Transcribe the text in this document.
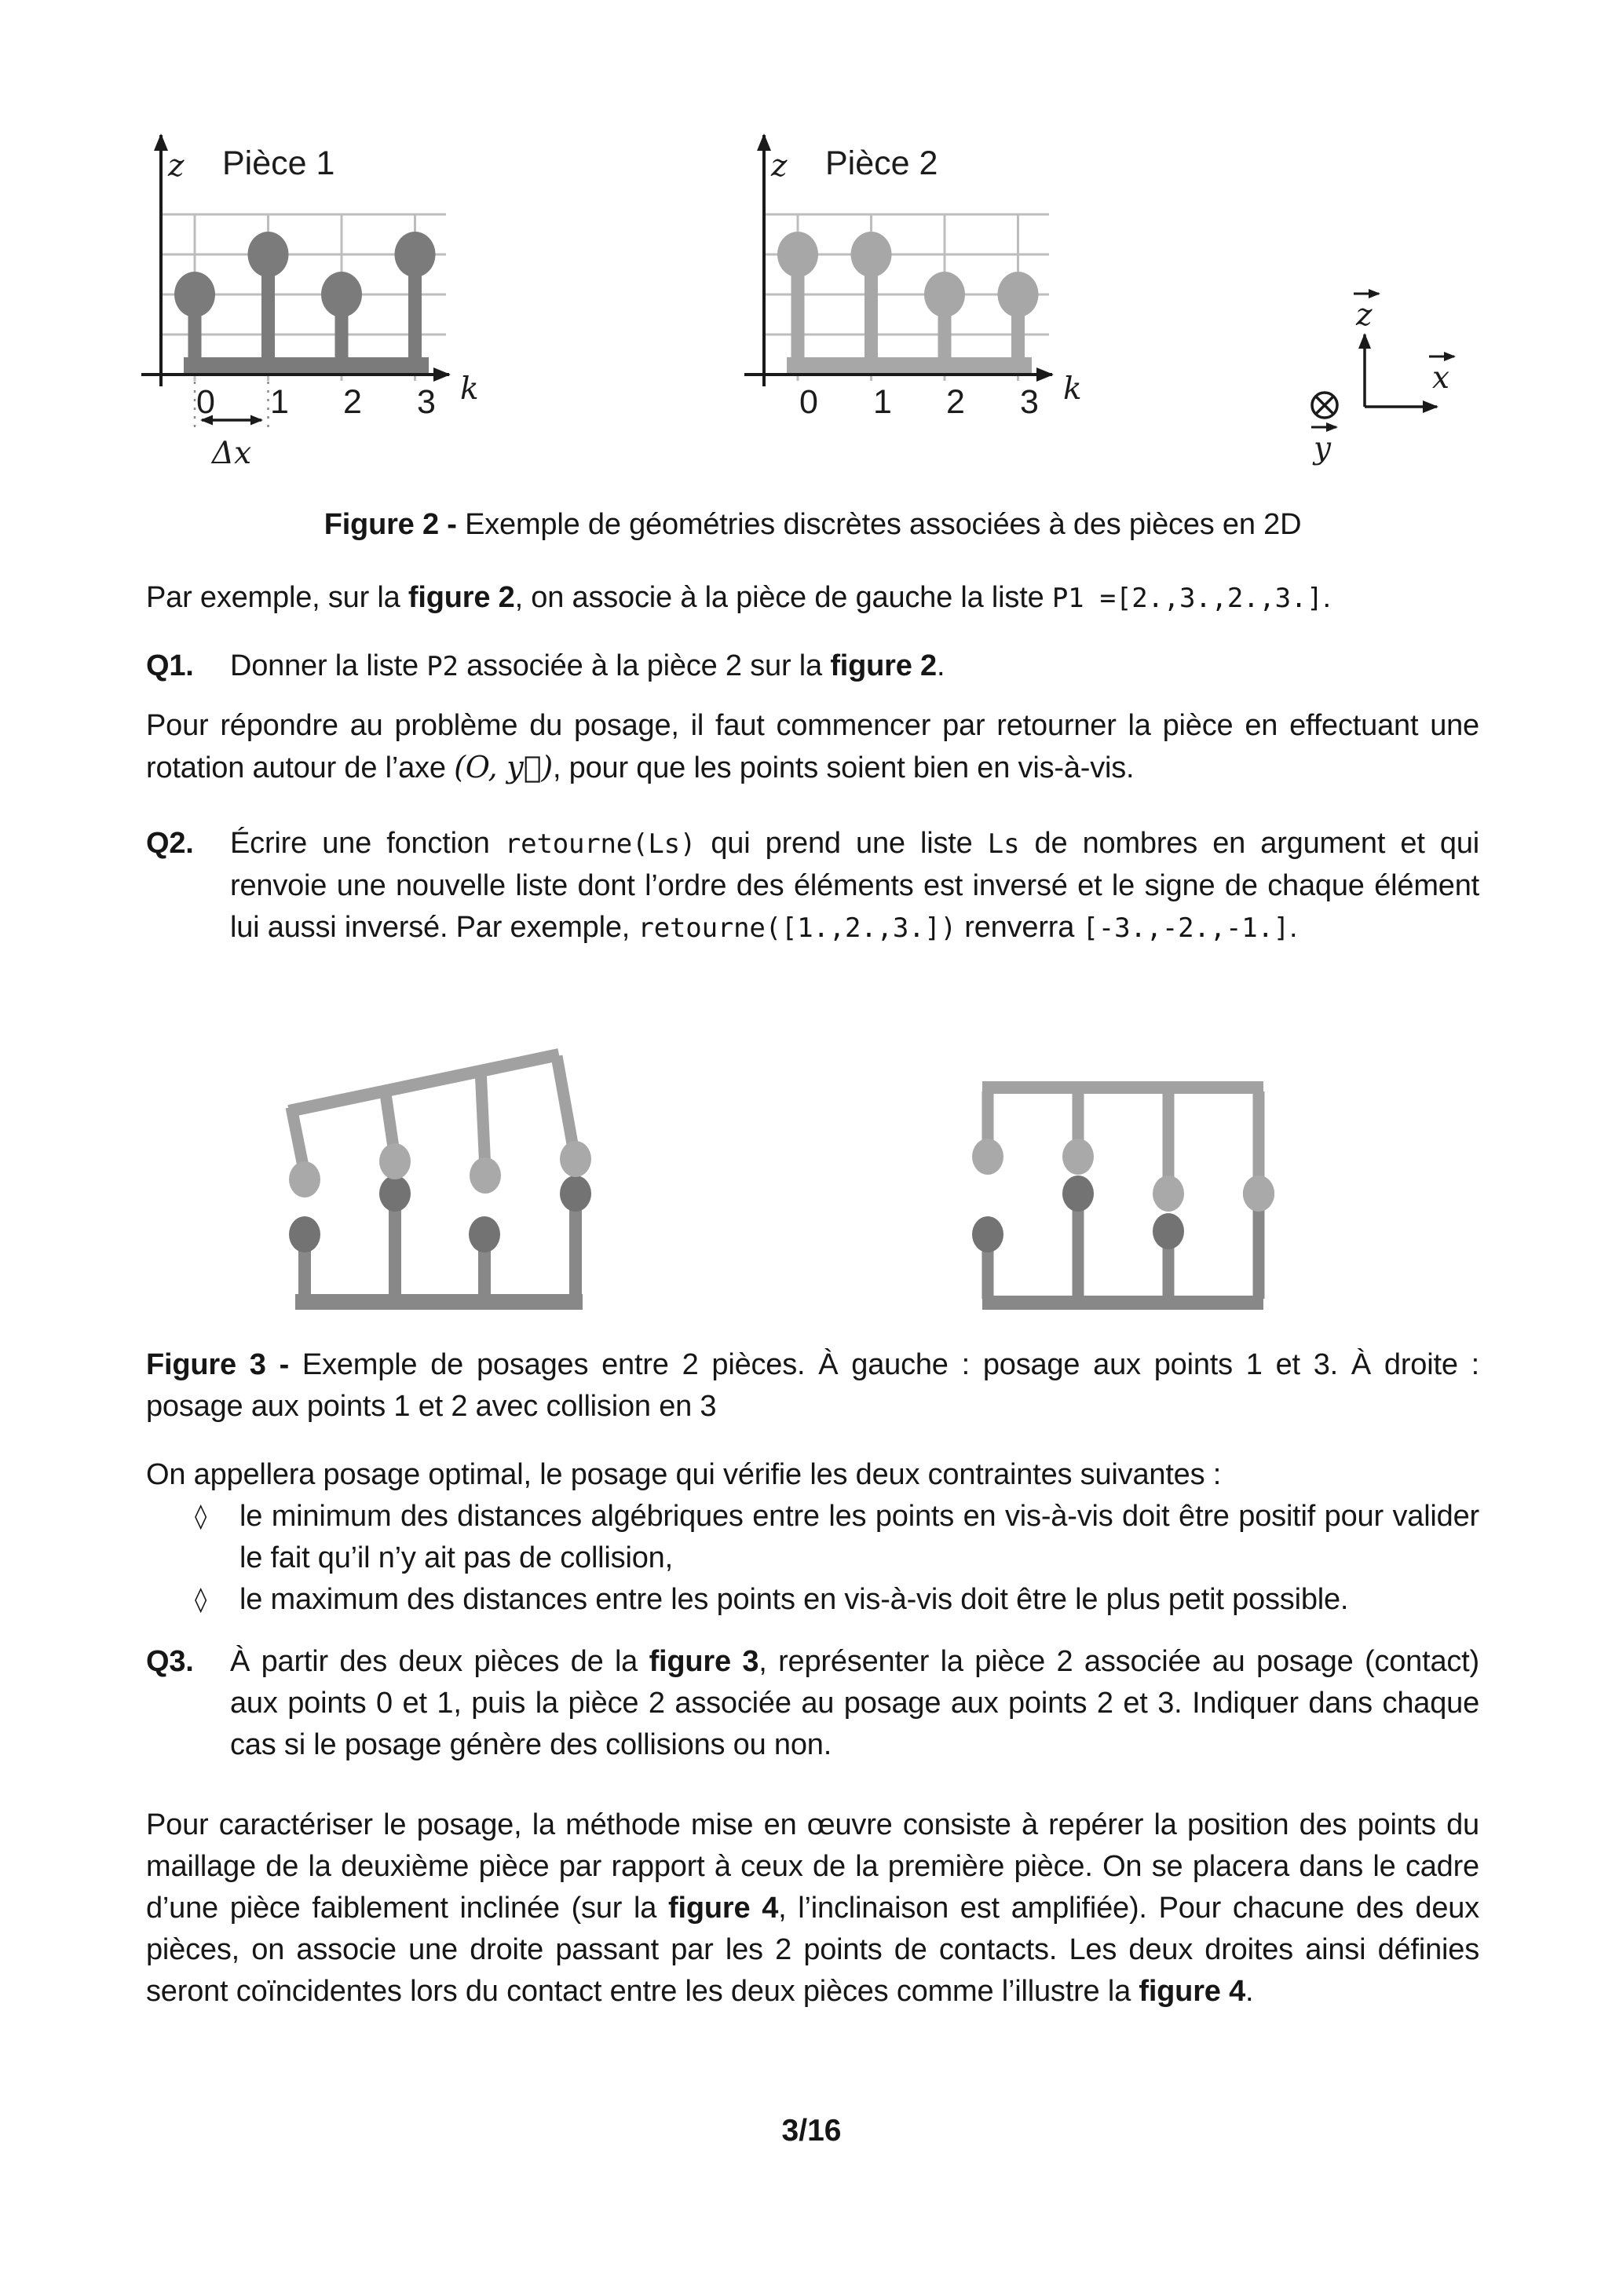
Pièce 1
z
k
0 1 2 3
Δx
Pièce 2
z
k
0 1 2 3
z
x
y
Figure 2 - Exemple de géométries discrètes associées à des pièces en 2D
Par exemple, sur la figure 2, on associe à la pièce de gauche la liste P1 =[2.,3.,2.,3.].
Q1.	Donner la liste P2 associée à la pièce 2 sur la figure 2.
Pour répondre au problème du posage, il faut commencer par retourner la pièce en effectuant une rotation autour de l’axe (O, y⃗), pour que les points soient bien en vis-à-vis.
Q2.	Écrire une fonction retourne(Ls) qui prend une liste Ls de nombres en argument et qui renvoie une nouvelle liste dont l’ordre des éléments est inversé et le signe de chaque élément lui aussi inversé. Par exemple, retourne([1.,2.,3.]) renverra [-3.,-2.,-1.].
Figure 3 - Exemple de posages entre 2 pièces. À gauche : posage aux points 1 et 3. À droite : posage aux points 1 et 2 avec collision en 3
On appellera posage optimal, le posage qui vérifie les deux contraintes suivantes :
◊	le minimum des distances algébriques entre les points en vis-à-vis doit être positif pour valider le fait qu’il n’y ait pas de collision,
◊	le maximum des distances entre les points en vis-à-vis doit être le plus petit possible.
Q3.	À partir des deux pièces de la figure 3, représenter la pièce 2 associée au posage (contact) aux points 0 et 1, puis la pièce 2 associée au posage aux points 2 et 3. Indiquer dans chaque cas si le posage génère des collisions ou non.
Pour caractériser le posage, la méthode mise en œuvre consiste à repérer la position des points du maillage de la deuxième pièce par rapport à ceux de la première pièce. On se placera dans le cadre d’une pièce faiblement inclinée (sur la figure 4, l’inclinaison est amplifiée). Pour chacune des deux pièces, on associe une droite passant par les 2 points de contacts. Les deux droites ainsi définies seront coïncidentes lors du contact entre les deux pièces comme l’illustre la figure 4.
3/16
